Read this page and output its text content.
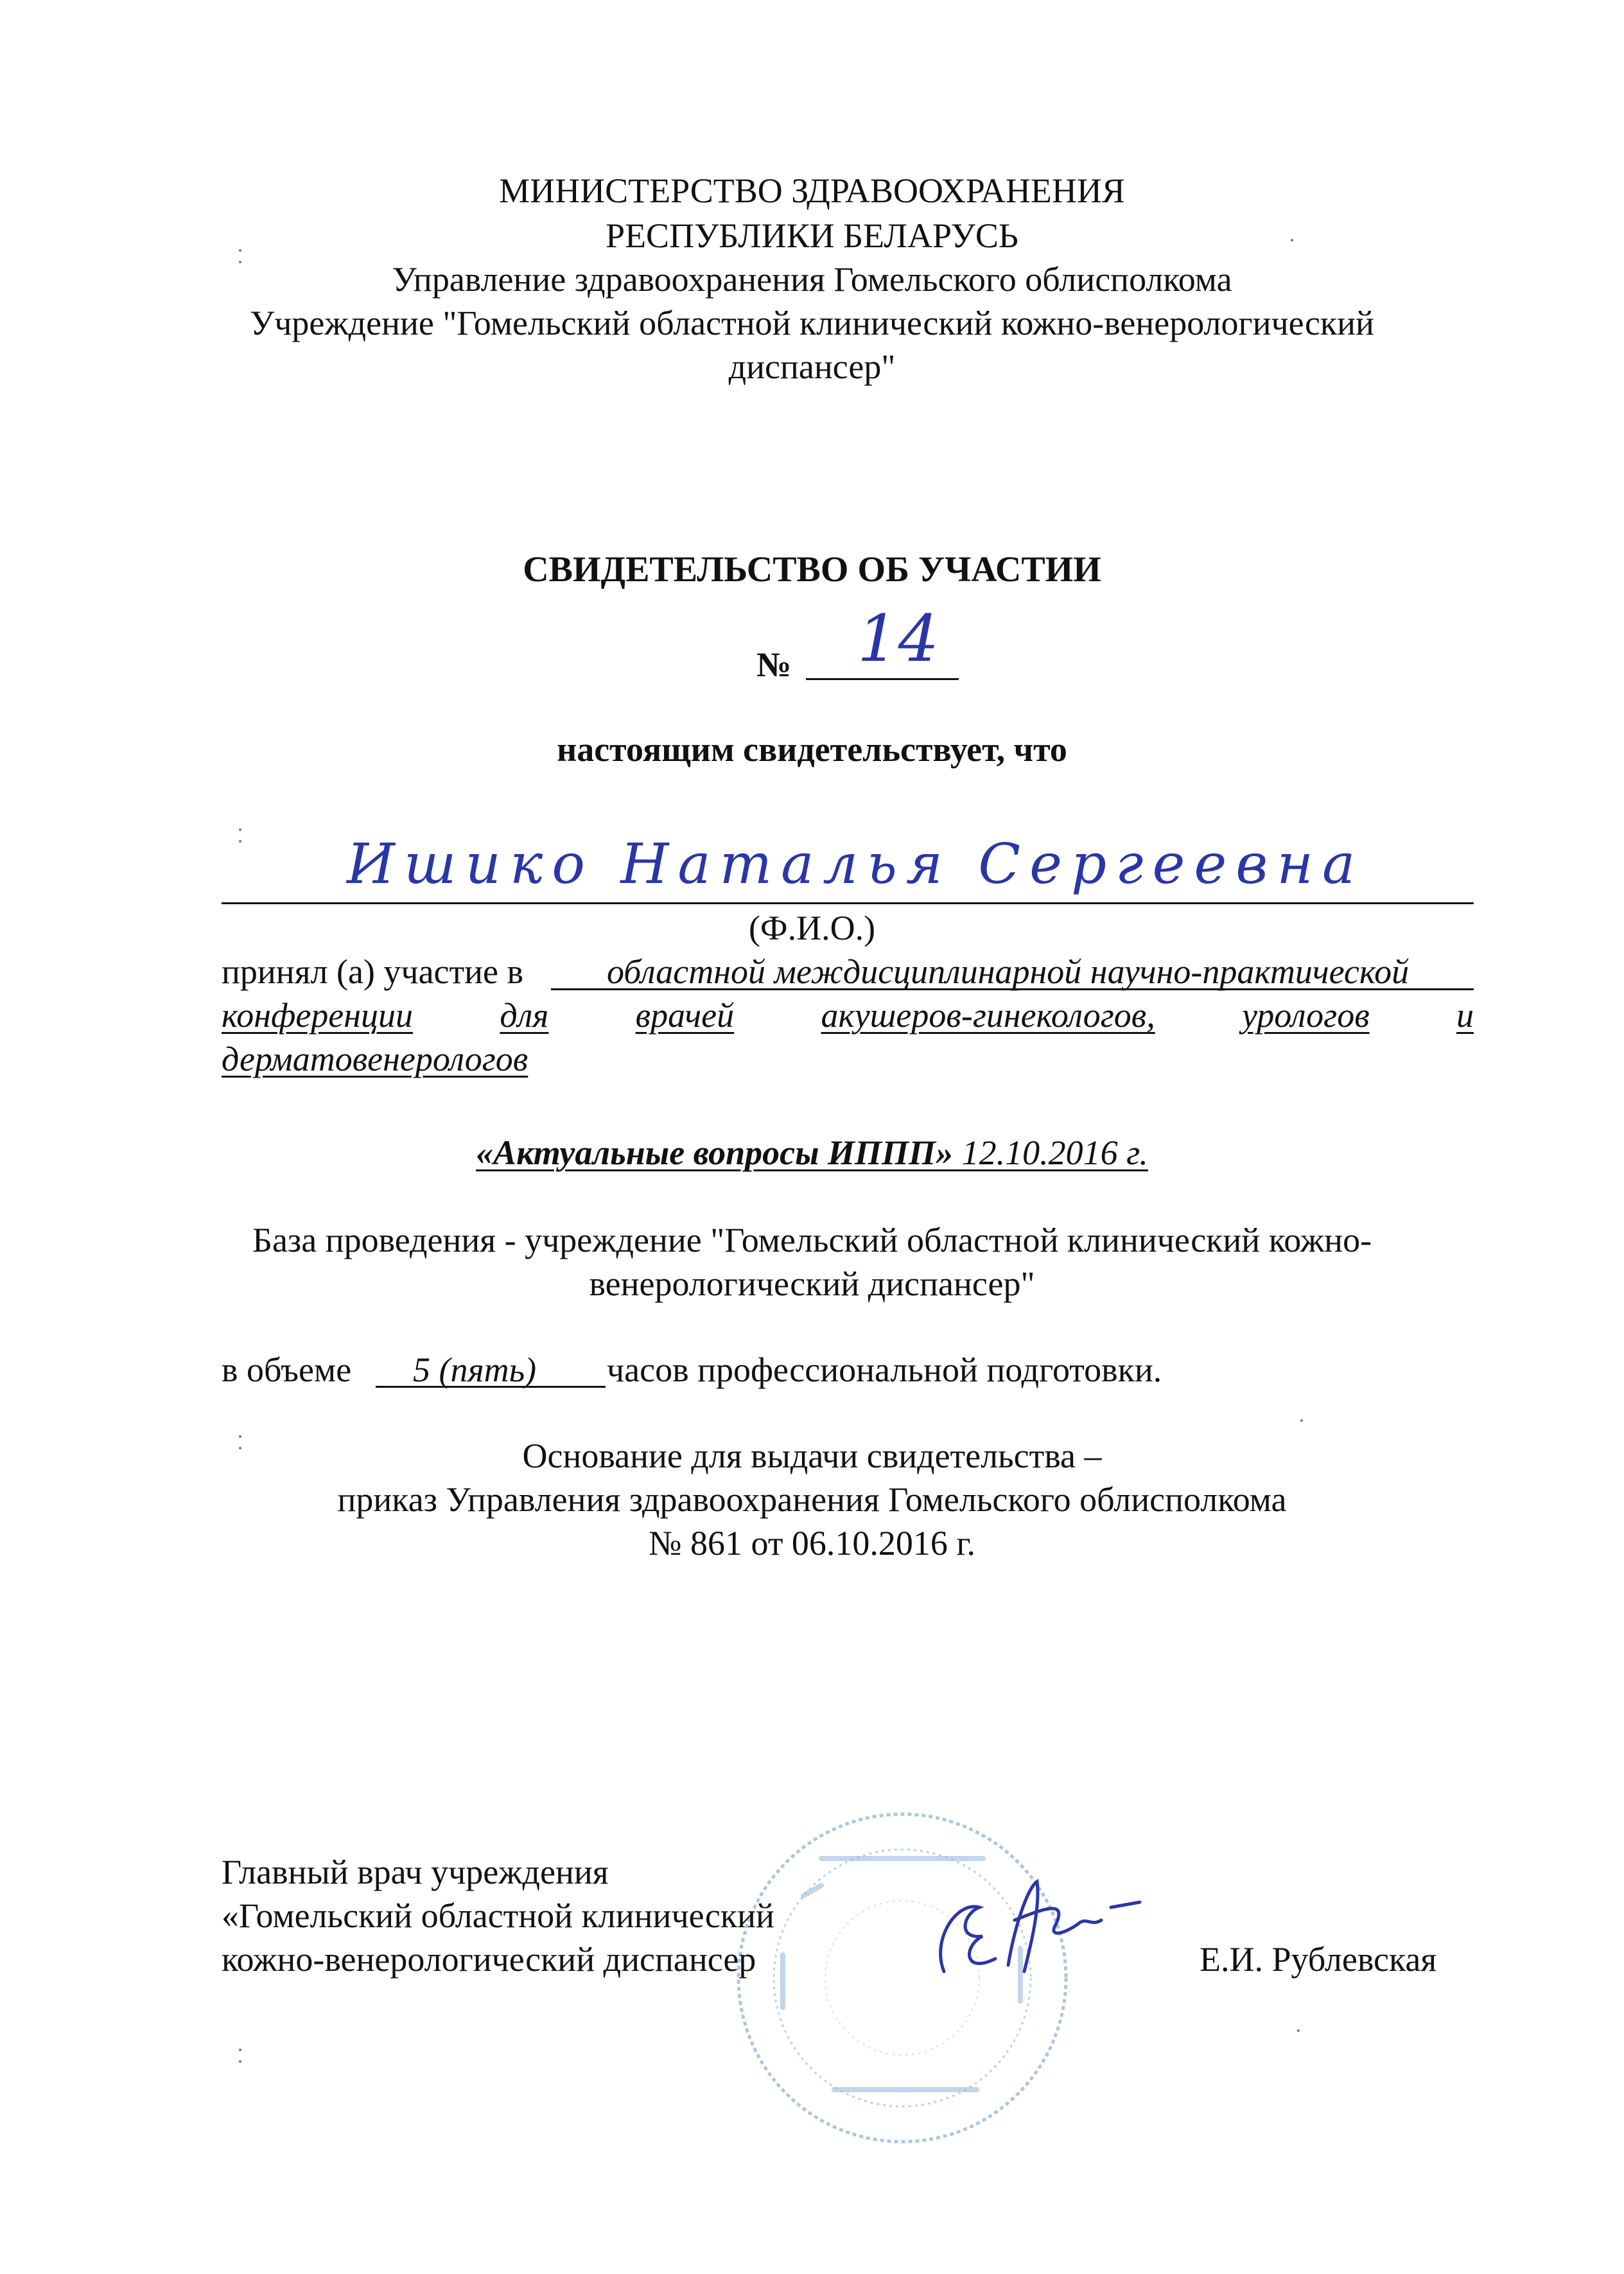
МИНИСТЕРСТВО ЗДРАВООХРАНЕНИЯ
РЕСПУБЛИКИ БЕЛАРУСЬ
Управление здравоохранения Гомельского облисполкома
Учреждение "Гомельский областной клинический кожно-венерологический
диспансер"
СВИДЕТЕЛЬСТВО ОБ УЧАСТИИ
№ 14
настоящим свидетельствует, что
Ишико Наталья Сергеевна
(Ф.И.О.)
принял (а) участие в областной междисциплинарной научно-практической
конференции	для	врачей	акушеров-гинекологов,	урологов	и
дерматовенерологов
«Актуальные вопросы ИППП» 12.10.2016 г.
База проведения - учреждение "Гомельский областной клинический кожно-
венерологический диспансер"
в объеме 5 (пять) часов профессиональной подготовки.
Основание для выдачи свидетельства –
приказ Управления здравоохранения Гомельского облисполкома
№ 861 от 06.10.2016 г.
Главный врач учреждения
«Гомельский областной клинический
кожно-венерологический диспансер	Е.И. Рублевская
